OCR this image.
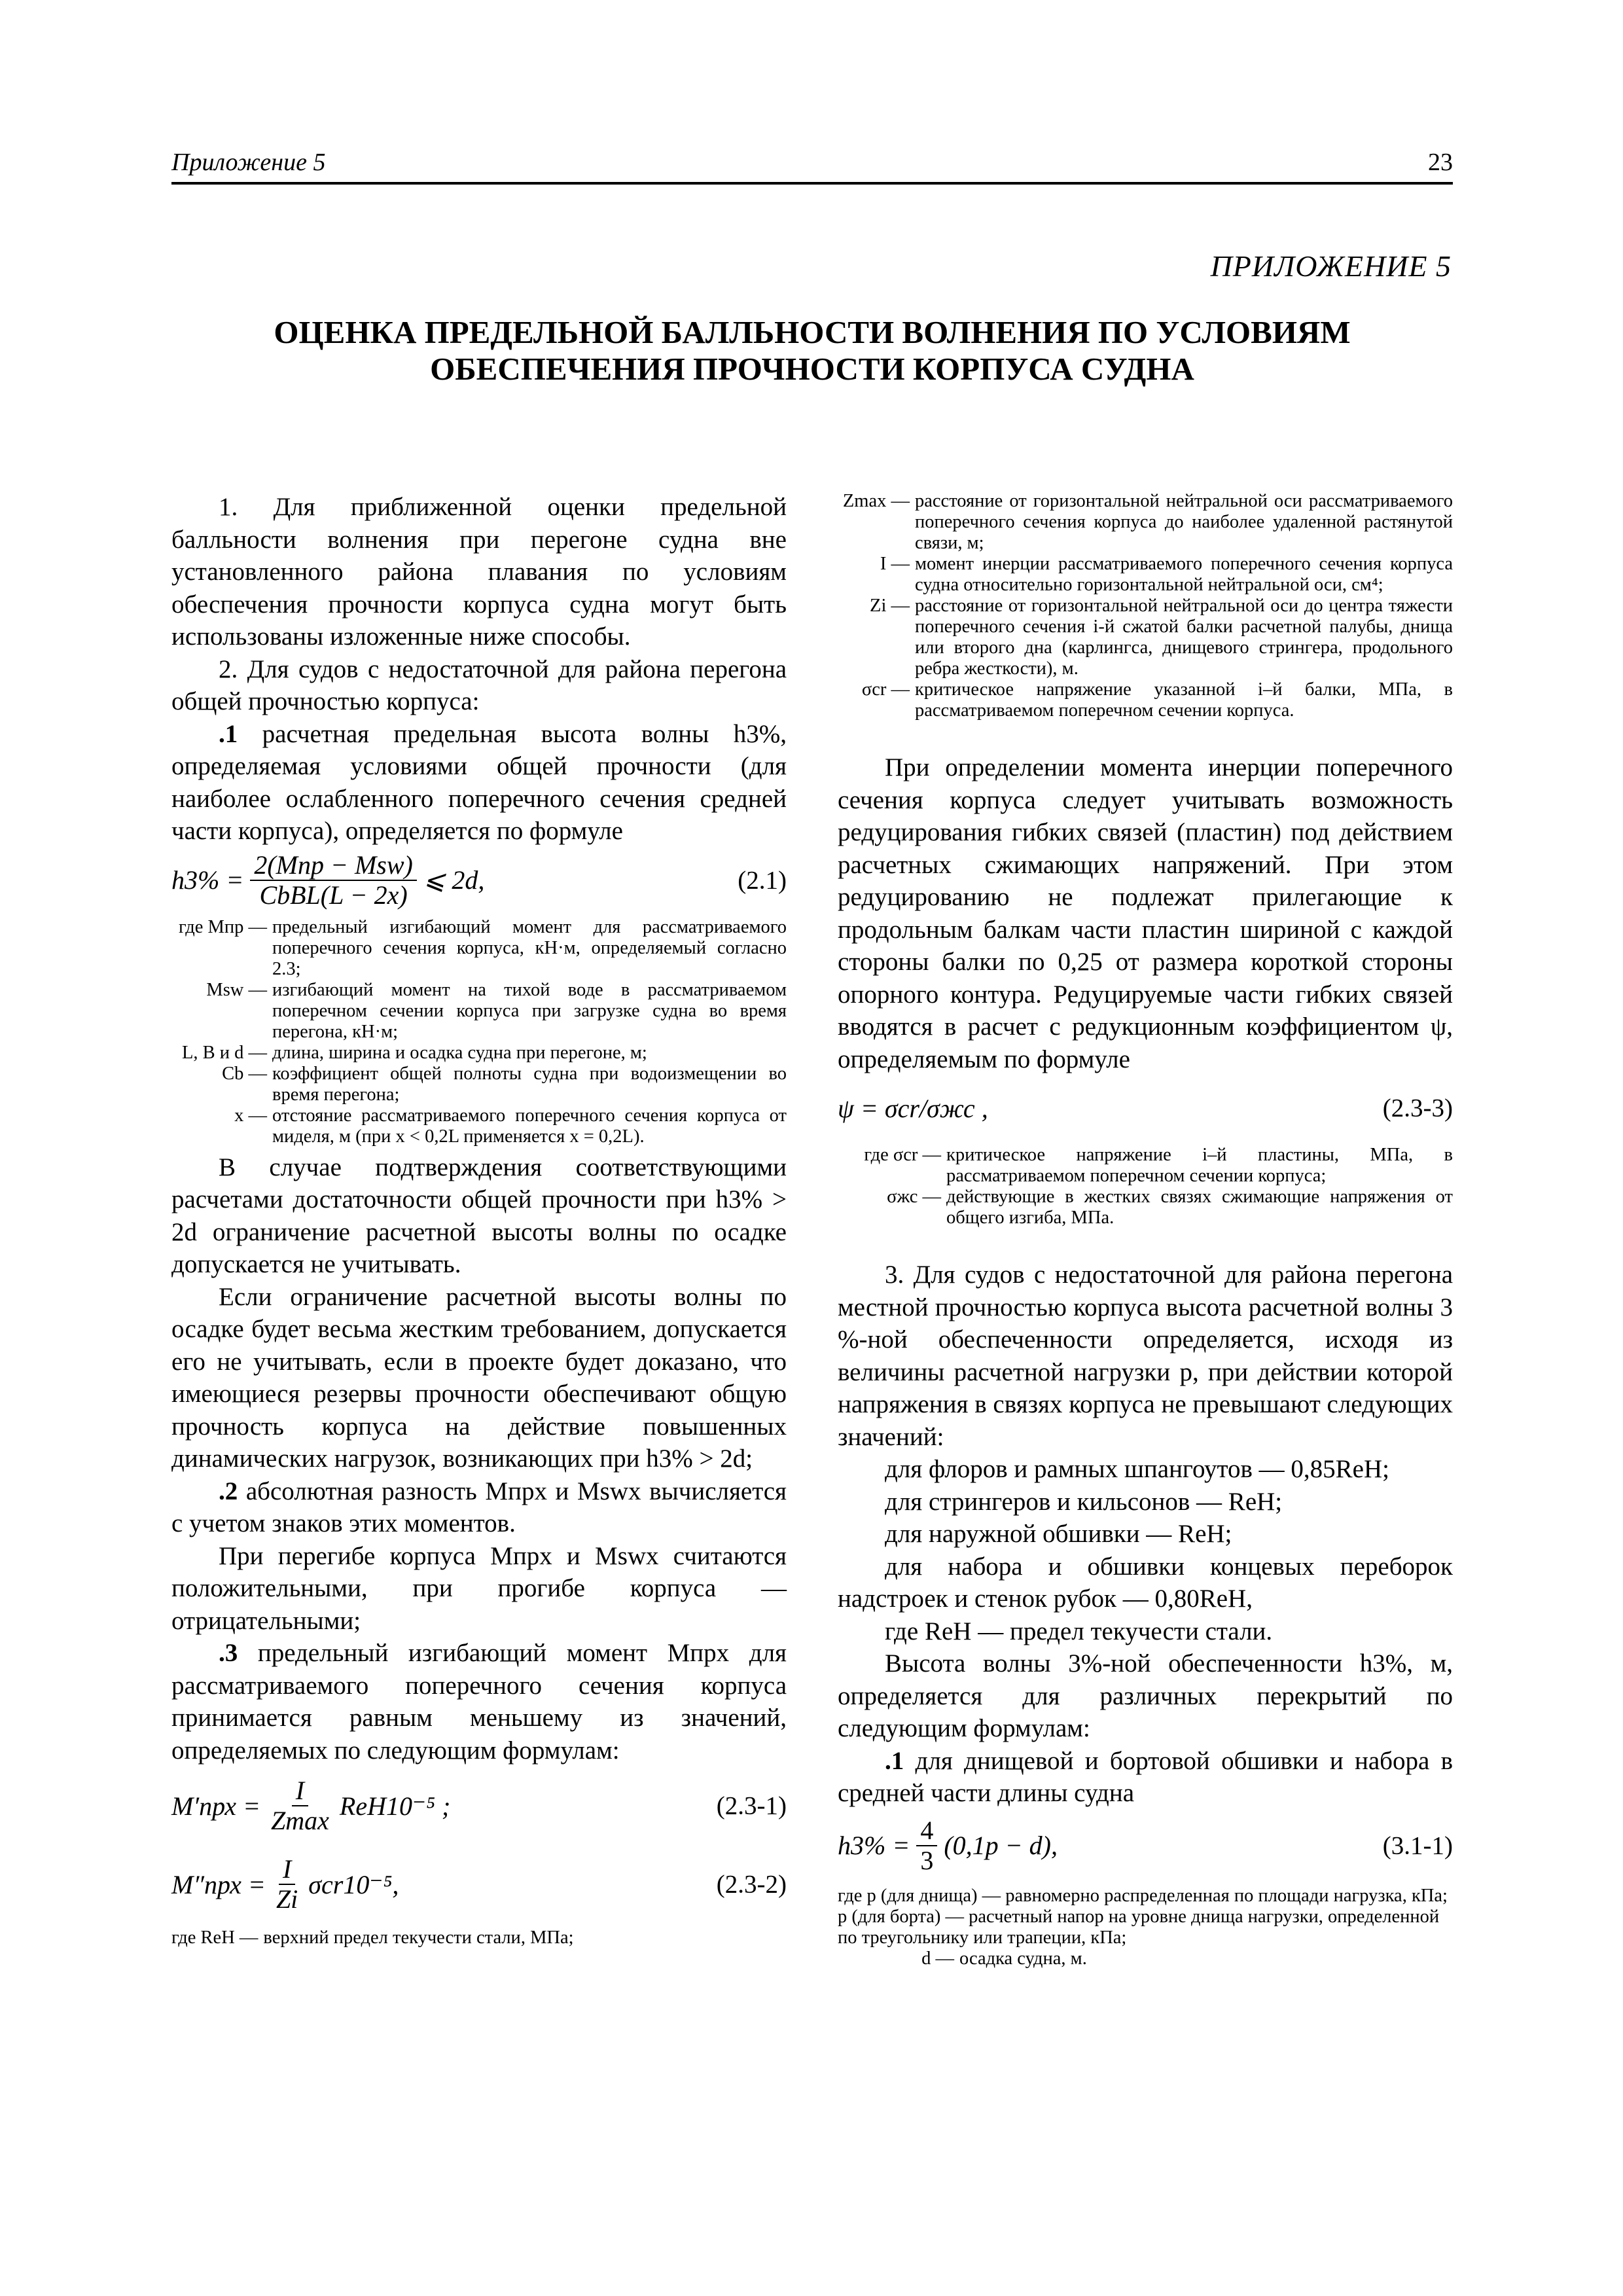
Приложение 5	23
ПРИЛОЖЕНИЕ 5
ОЦЕНКА ПРЕДЕЛЬНОЙ БАЛЛЬНОСТИ ВОЛНЕНИЯ ПО УСЛОВИЯМ
ОБЕСПЕЧЕНИЯ ПРОЧНОСТИ КОРПУСА СУДНА

1. Для приближенной оценки предельной балльности волнения при перегоне судна вне установленного района плавания по условиям обеспечения прочности корпуса судна могут быть использованы изложенные ниже способы.

2. Для судов с недостаточной для района перегона общей прочностью корпуса:

.1 расчетная предельная высота волны h3%, определяемая условиями общей прочности (для наиболее ослабленного поперечного сечения средней части корпуса), определяется по формуле

$h3\% = \frac{\text{2(Mпр − Msw)}}{\text{CbBL(L − 2x)}}$ ⩽ 2d,	(2.1)
где Mпр — предельный изгибающий момент для рассматриваемого поперечного сечения корпуса, кН·м, определяемый согласно 2.3;
Msw — изгибающий момент на тихой воде в рассматриваемом поперечном сечении корпуса при загрузке судна во время перегона, кН·м;
L, B и d — длина, ширина и осадка судна при перегоне, м;
Cb — коэффициент общей полноты судна при водоизмещении во время перегона;
x — отстояние рассматриваемого поперечного сечения корпуса от миделя, м (при x < 0,2L применяется x = 0,2L).

В случае подтверждения соответствующими расчетами достаточности общей прочности при h3% > 2d ограничение расчетной высоты волны по осадке допускается не учитывать.

Если ограничение расчетной высоты волны по осадке будет весьма жестким требованием, допускается его не учитывать, если в проекте будет доказано, что имеющиеся резервы прочности обеспечивают общую прочность корпуса на действие повышенных динамических нагрузок, возникающих при h3% > 2d;

.2 абсолютная разность Mпрх и Mswx вычисляется с учетом знаков этих моментов.

При перегибе корпуса Mпрх и Mswx считаются положительными, при прогибе корпуса — отрицательными;

.3 предельный изгибающий момент Mпрх для рассматриваемого поперечного сечения корпуса принимается равным меньшему из значений, определяемых по следующим формулам:

$M'прх = \frac{I}{Zmax} ReH10^{-5}$ ;	(2.3-1)
$M''прх = \frac{I}{Zi} \sigma cr10^{-5}$,	(2.3-2)
где ReH — верхний предел текучести стали, МПа;
Zmax — расстояние от горизонтальной нейтральной оси рассматриваемого поперечного сечения корпуса до наиболее удаленной растянутой связи, м;
I — момент инерции рассматриваемого поперечного сечения корпуса судна относительно горизонтальной нейтральной оси, см⁴;
Zi — расстояние от горизонтальной нейтральной оси до центра тяжести поперечного сечения i-й сжатой балки расчетной палубы, днища или второго дна (карлингса, днищевого стрингера, продольного ребра жесткости), м.
σcr — критическое напряжение указанной i–й балки, МПа, в рассматриваемом поперечном сечении корпуса.

При определении момента инерции поперечного сечения корпуса следует учитывать возможность редуцирования гибких связей (пластин) под действием расчетных сжимающих напряжений. При этом редуцированию не подлежат прилегающие к продольным балкам части пластин шириной с каждой стороны балки по 0,25 от размера короткой стороны опорного контура. Редуцируемые части гибких связей вводятся в расчет с редукционным коэффициентом ψ, определяемым по формуле

ψ = σcr/σжс ,	(2.3-3)
где σcr — критическое напряжение i–й пластины, МПа, в рассматриваемом поперечном сечении корпуса;
σжс — действующие в жестких связях сжимающие напряжения от общего изгиба, МПа.

3. Для судов с недостаточной для района перегона местной прочностью корпуса высота расчетной волны 3 %-ной обеспеченности определяется, исходя из величины расчетной нагрузки p, при действии которой напряжения в связях корпуса не превышают следующих значений:

для флоров и рамных шпангоутов — 0,85ReH;

для стрингеров и кильсонов — ReH;

для наружной обшивки — ReH;

для набора и обшивки концевых переборок надстроек и стенок рубок — 0,80ReH,

где ReH — предел текучести стали.

Высота волны 3%-ной обеспеченности h3%, м, определяется для различных перекрытий по следующим формулам:

.1 для днищевой и бортовой обшивки и набора в средней части длины судна

$h3\% = \frac{4}{3} (0,1p - d)$,	(3.1-1)
где p (для днища) — равномерно распределенная по площади нагрузка, кПа;
p (для борта) — расчетный напор на уровне днища нагрузки, определенной по треугольнику или трапеции, кПа;
d — осадка судна, м.
